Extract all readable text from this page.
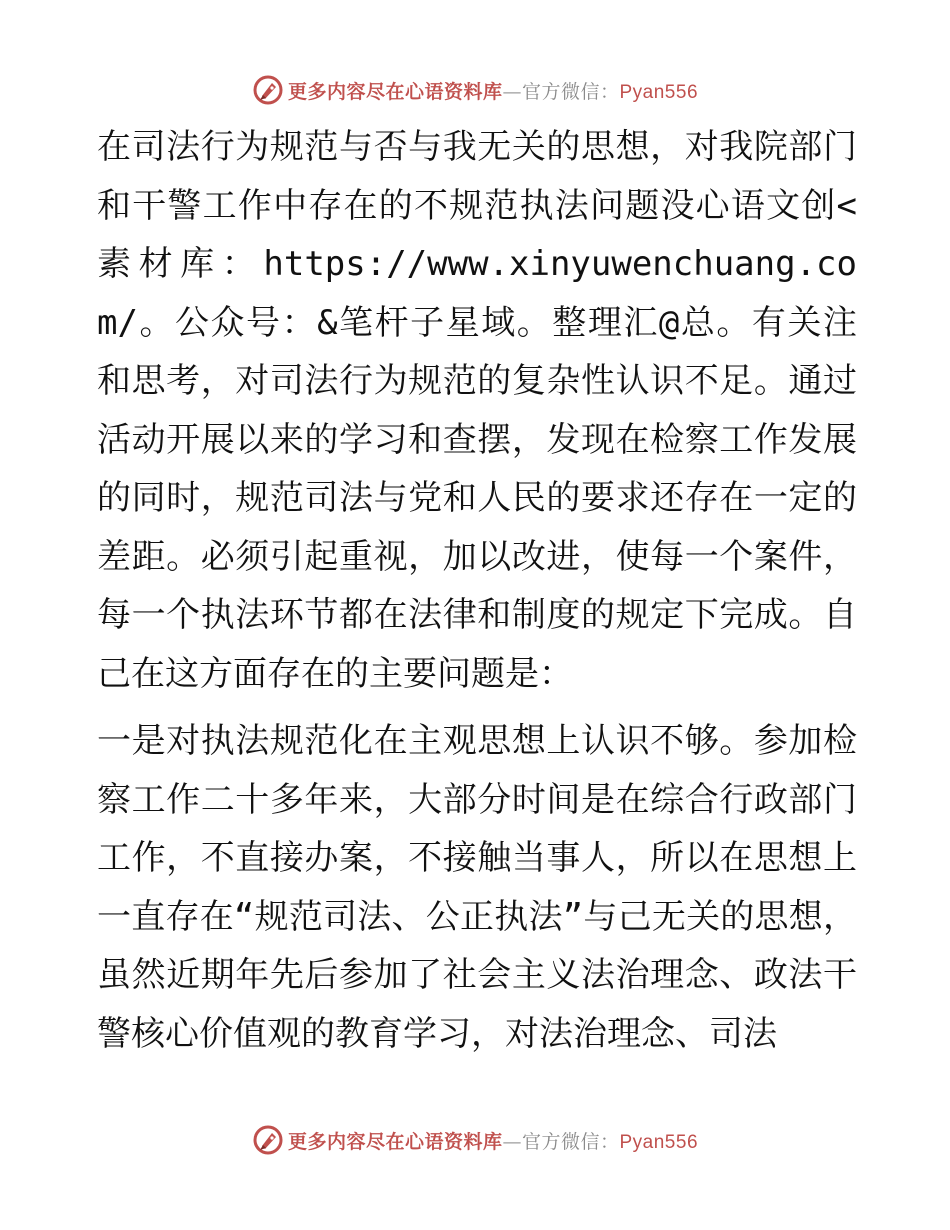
更多内容尽在心语资料库—官方微信：Pyan556

在司法行为规范与否与我无关的思想，对我院部门和干警工作中存在的不规范执法问题没心语文创<素材库：https://www.xinyuwenchuang.com/。公众号：&笔杆子星域。整理汇@总。有关注和思考，对司法行为规范的复杂性认识不足。通过活动开展以来的学习和查摆，发现在检察工作发展的同时，规范司法与党和人民的要求还存在一定的差距。必须引起重视，加以改进，使每一个案件，每一个执法环节都在法律和制度的规定下完成。自己在这方面存在的主要问题是：

一是对执法规范化在主观思想上认识不够。参加检察工作二十多年来，大部分时间是在综合行政部门工作，不直接办案，不接触当事人，所以在思想上一直存在“规范司法、公正执法”与己无关的思想，虽然近期年先后参加了社会主义法治理念、政法干警核心价值观的教育学习，对法治理念、司法

更多内容尽在心语资料库—官方微信：Pyan556
